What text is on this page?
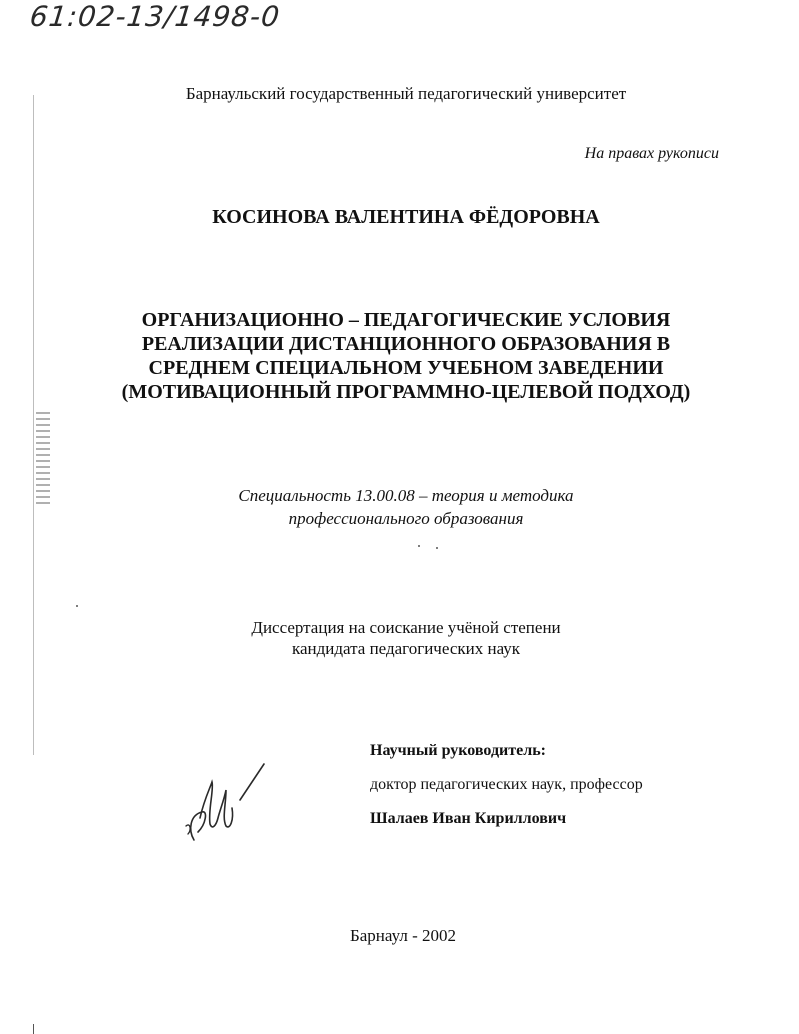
61:02-13/1498-0
Барнаульский государственный педагогический университет
На правах рукописи
КОСИНОВА ВАЛЕНТИНА ФЁДОРОВНА
ОРГАНИЗАЦИОННО – ПЕДАГОГИЧЕСКИЕ УСЛОВИЯ
РЕАЛИЗАЦИИ ДИСТАНЦИОННОГО ОБРАЗОВАНИЯ В
СРЕДНЕМ СПЕЦИАЛЬНОМ УЧЕБНОМ ЗАВЕДЕНИИ
(МОТИВАЦИОННЫЙ ПРОГРАММНО-ЦЕЛЕВОЙ ПОДХОД)
Специальность 13.00.08 – теория и методика
профессионального образования
Диссертация на соискание учёной степени
кандидата педагогических наук
Научный руководитель:
доктор педагогических наук, профессор
Шалаев Иван Кириллович
Барнаул - 2002
